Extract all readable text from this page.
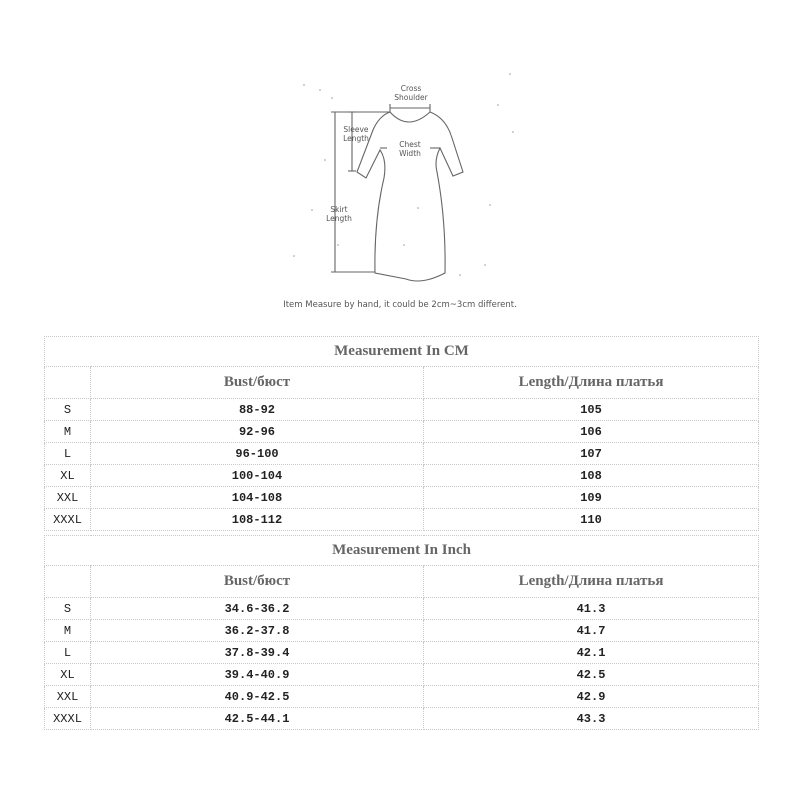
Cross
Shoulder
Sleeve
Length
Chest
Width
Skirt
Length
Item Measure by hand, it could be 2cm~3cm different.
Measurement In CM		
	Bust/бюст	Length/Длина платья
S	88-92	105
M	92-96	106
L	96-100	107
XL	100-104	108
XXL	104-108	109
XXXL	108-112	110
Measurement In Inch		
	Bust/бюст	Length/Длина платья
S	34.6-36.2	41.3
M	36.2-37.8	41.7
L	37.8-39.4	42.1
XL	39.4-40.9	42.5
XXL	40.9-42.5	42.9
XXXL	42.5-44.1	43.3
